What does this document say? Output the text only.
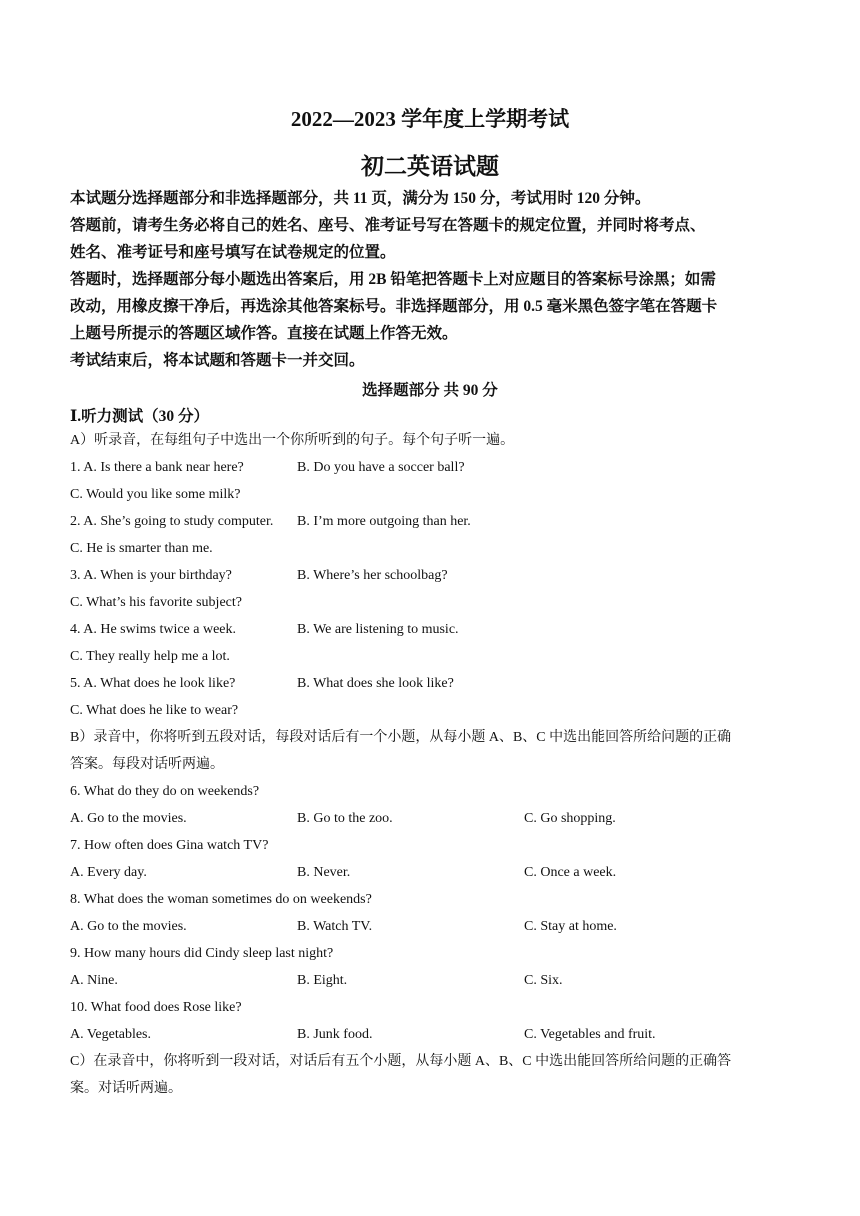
2022—2023 学年度上学期考试
初二英语试题
本试题分选择题部分和非选择题部分，共 11 页，满分为 150 分，考试用时 120 分钟。
答题前，请考生务必将自己的姓名、座号、准考证号写在答题卡的规定位置，并同时将考点、
姓名、准考证号和座号填写在试卷规定的位置。
答题时，选择题部分每小题选出答案后，用 2B 铅笔把答题卡上对应题目的答案标号涂黑；如需
改动，用橡皮擦干净后，再选涂其他答案标号。非选择题部分，用 0.5 毫米黑色签字笔在答题卡
上题号所提示的答题区域作答。直接在试题上作答无效。
考试结束后，将本试题和答题卡一并交回。
选择题部分 共 90 分
Ⅰ.听力测试（30 分）
A）听录音，在每组句子中选出一个你所听到的句子。每个句子听一遍。
1. A. Is there a bank near here?	B. Do you have a soccer ball?
C. Would you like some milk?
2. A. She’s going to study computer. B. I’m more outgoing than her.
C. He is smarter than me.
3. A. When is your birthday?	B. Where’s her schoolbag?
C. What’s his favorite subject?
4. A. He swims twice a week.	B. We are listening to music.
C. They really help me a lot.
5. A. What does he look like?	B. What does she look like?
C. What does he like to wear?
B）录音中，你将听到五段对话，每段对话后有一个小题，从每小题 A、B、C 中选出能回答所给问题的正确
答案。每段对话听两遍。
6. What do they do on weekends?
A. Go to the movies.	B. Go to the zoo.	C. Go shopping.
7. How often does Gina watch TV?
A. Every day.	B. Never.	C. Once a week.
8. What does the woman sometimes do on weekends?
A. Go to the movies.	B. Watch TV.	C. Stay at home.
9. How many hours did Cindy sleep last night?
A. Nine.	B. Eight.	C. Six.
10. What food does Rose like?
A. Vegetables.	B. Junk food.	C. Vegetables and fruit.
C）在录音中，你将听到一段对话，对话后有五个小题，从每小题 A、B、C 中选出能回答所给问题的正确答
案。对话听两遍。
